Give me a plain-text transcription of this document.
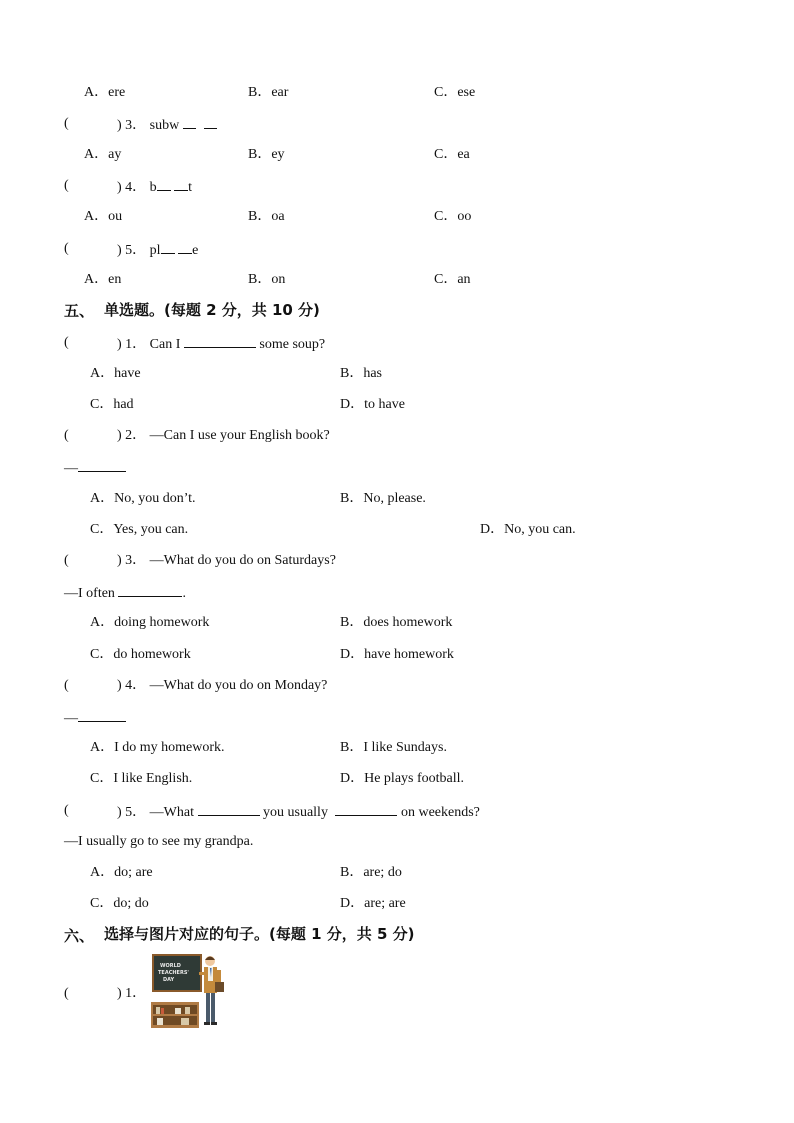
A．ere	B．ear	C．ese
(	) 3． subw
A．ay	B．ey	C．ea
(	) 4． b t
A．ou	B．oa	C．oo
(	) 5． pl e
A．en	B．on	C．an
五、 单选题。(每题 2 分，共 10 分)
(	) 1． Can I	some soup?
A．have	B．has
C．had	D．to have
(	) 2． —Can I use your English book?
—
A．No, you don’t.	B．No, please.
C．Yes, you can.	D．No, you can.
(	) 3． —What do you do on Saturdays?
—I often	.
A．doing homework	B．does homework
C．do homework	D．have homework
(	) 4． —What do you do on Monday?
—
A．I do my homework.	B．I like Sundays.
C．I like English.	D．He plays football.
(	) 5． —What	you usually	on weekends?
—I usually go to see my grandpa.
A．do; are	B．are; do
C．do; do	D．are; are
六、 选择与图片对应的句子。(每题 1 分，共 5 分)
(	) 1．
WORLD
TEACHERS'
DAY
